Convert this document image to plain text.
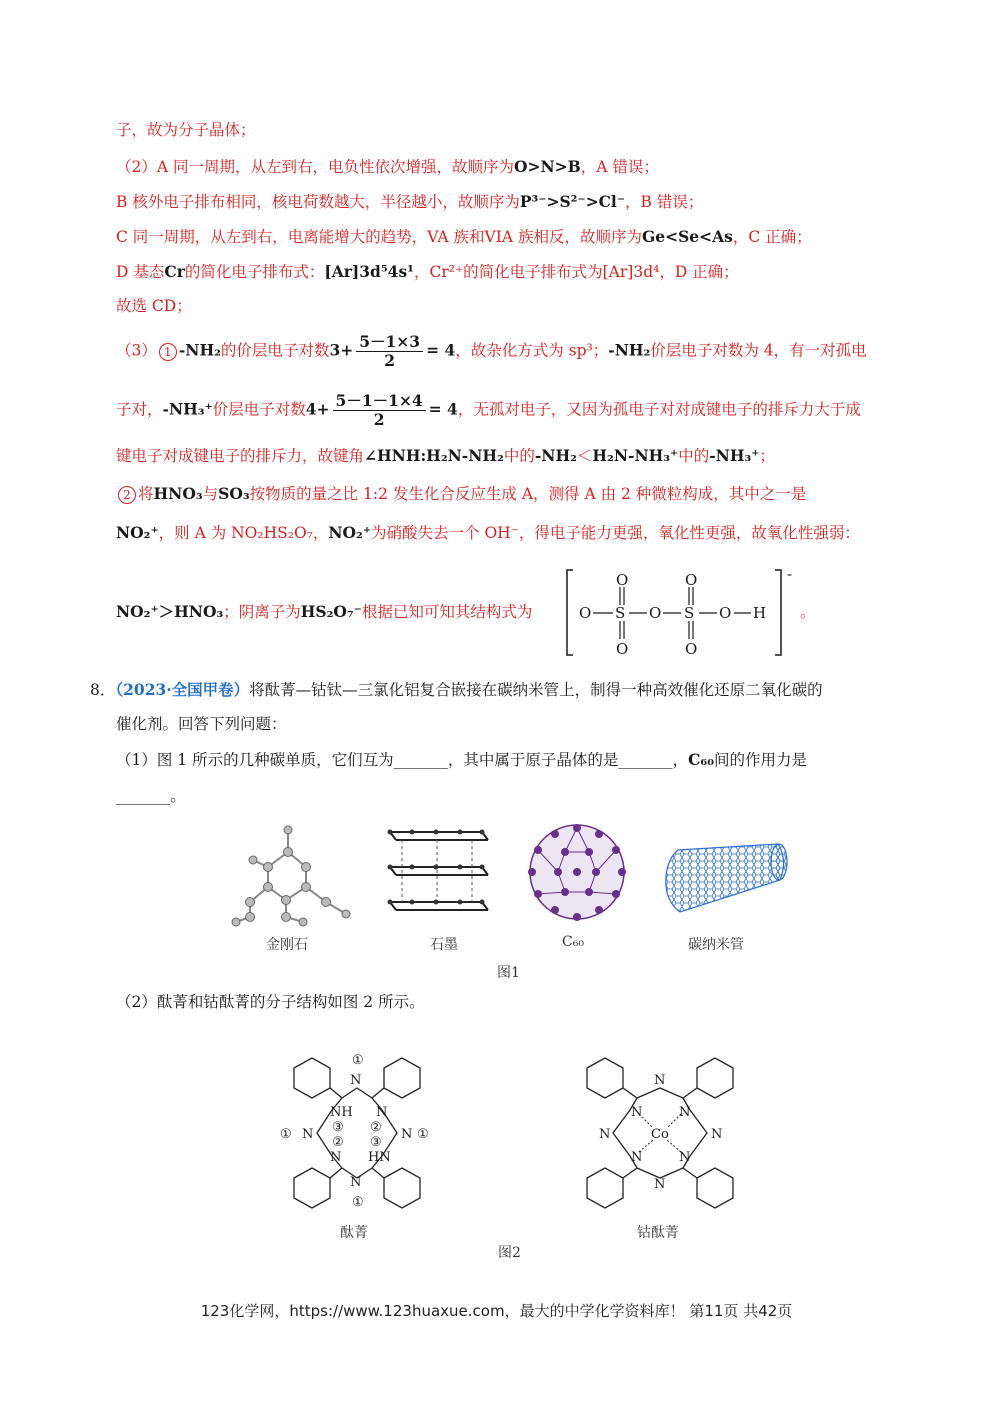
子，故为分子晶体；
（2）A 同一周期，从左到右，电负性依次增强，故顺序为O>N>B，A 错误；
B 核外电子排布相同，核电荷数越大，半径越小，故顺序为P³⁻>S²⁻>Cl⁻，B 错误；
C 同一周期，从左到右，电离能增大的趋势，VA 族和VIA 族相反，故顺序为Ge<Se<As，C 正确；
D 基态Cr的简化电子排布式：[Ar]3d⁵4s¹，Cr²⁺的简化电子排布式为[Ar]3d⁴，D 正确；
故选 CD；
（3） 1 -NH₂的价层电子对数$3+ \frac{5-1\times 3}{2} = 4$，故杂化方式为 sp³；-NH₂价层电子对数为 4，有一对孤电
子对，-NH₃⁺价层电子对数$4+ \frac{5-1-1\times 4}{2} = 4$，无孤对电子，又因为孤电子对对成键电子的排斥力大于成
键电子对成键电子的排斥力，故键角∠HNH:H₂N-NH₂中的-NH₂＜H₂N-NH₃⁺中的-NH₃⁺；
2 将HNO₃与SO₃按物质的量之比 1:2 发生化合反应生成 A，测得 A 由 2 种微粒构成，其中之一是
NO₂⁺，则 A 为 NO₂HS₂O₇，NO₂⁺为硝酸失去一个 OH⁻，得电子能力更强，氧化性更强，故氧化性强弱：
NO₂⁺＞HNO₃；阴离子为HS₂O₇⁻根据已知可知其结构式为	。
-
O S
O
O
O S
O
O
O H
8．（2023·全国甲卷）将酞菁—钴钛—三氯化铝复合嵌接在碳纳米管上，制得一种高效催化还原二氧化碳的
催化剂。回答下列问题：
（1）图 1 所示的几种碳单质，它们互为_______，其中属于原子晶体的是_______，C₆₀间的作用力是
_______。
金刚石	石墨	C₆₀	碳纳米管
图1
（2）酞菁和钴酞菁的分子结构如图 2 所示。
①
N
NH N
③ ②
① N	N ①
② ③
N HN
N
①
酞菁
N
N	N
N	Co	N
N	N
N
钴酞菁
图2
123化学网，https://www.123huaxue.com，最大的中学化学资料库！ 第11页 共42页
